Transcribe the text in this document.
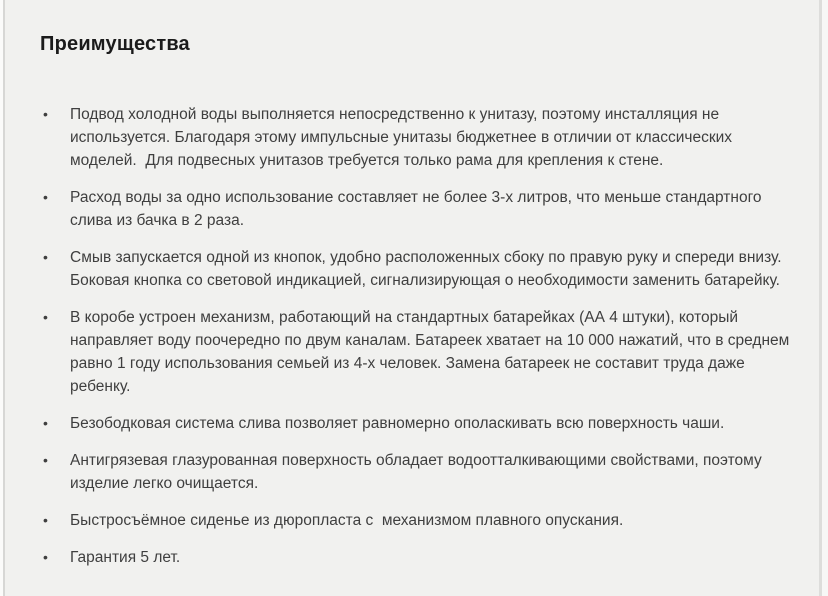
Преимущества
• Подвод холодной воды выполняется непосредственно к унитазу, поэтому инсталляция не используется. Благодаря этому импульсные унитазы бюджетнее в отличии от классических моделей.  Для подвесных унитазов требуется только рама для крепления к стене.
• Расход воды за одно использование составляет не более 3-х литров, что меньше стандартного слива из бачка в 2 раза.
• Смыв запускается одной из кнопок, удобно расположенных сбоку по правую руку и спереди внизу. Боковая кнопка со световой индикацией, сигнализирующая о необходимости заменить батарейку.
• В коробе устроен механизм, работающий на стандартных батарейках (АА 4 штуки), который направляет воду поочередно по двум каналам. Батареек хватает на 10 000 нажатий, что в среднем равно 1 году использования семьей из 4-х человек. Замена батареек не составит труда даже ребенку.
• Безободковая система слива позволяет равномерно ополаскивать всю поверхность чаши.
• Антигрязевая глазурованная поверхность обладает водоотталкивающими свойствами, поэтому изделие легко очищается.
• Быстросъёмное сиденье из дюропласта с  механизмом плавного опускания.
• Гарантия 5 лет.
